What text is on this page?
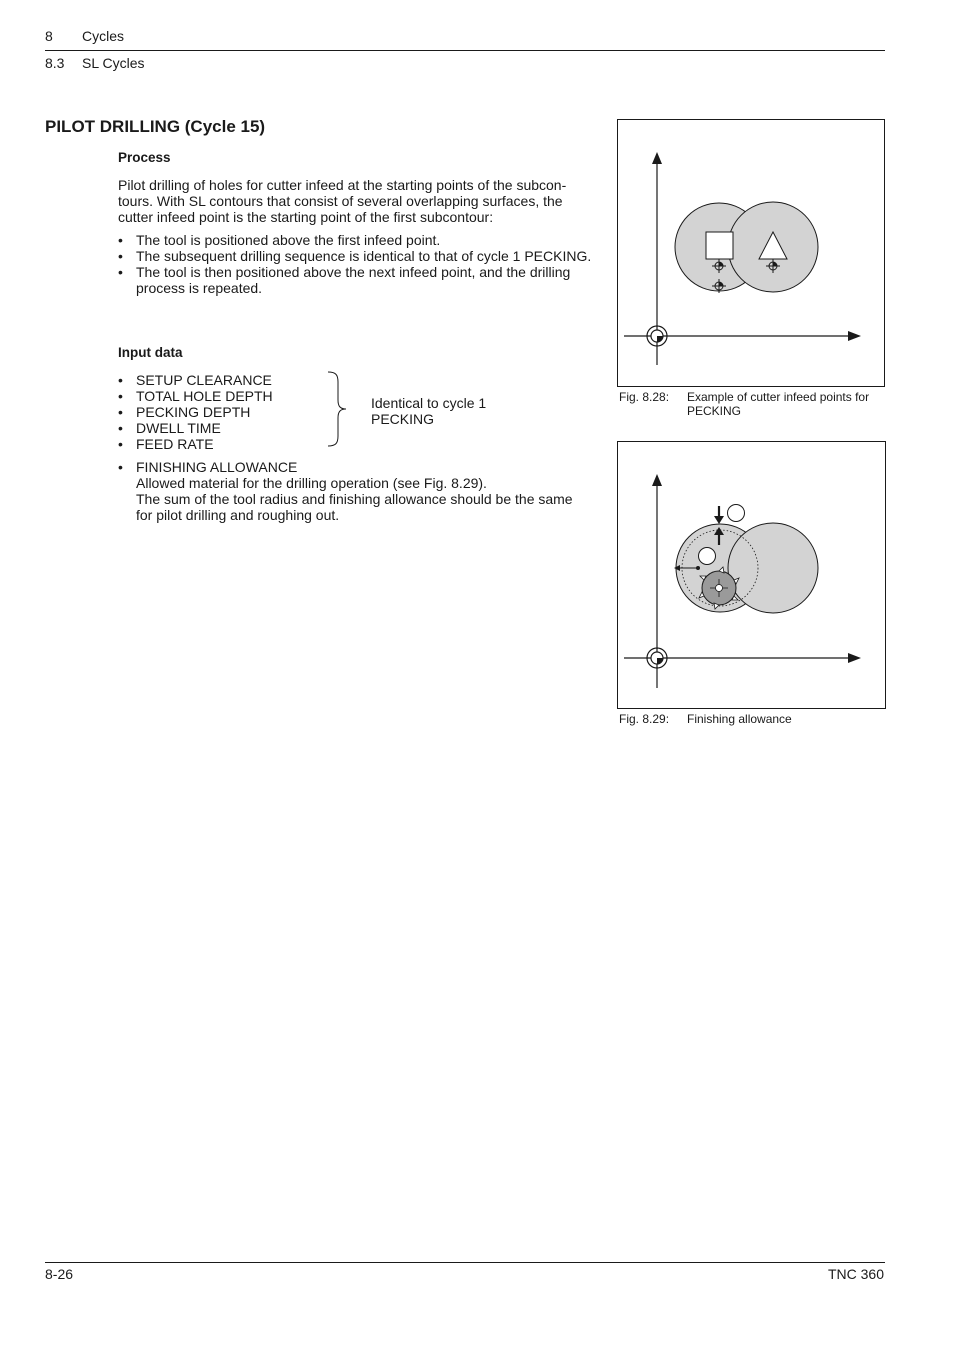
8 Cycles
8.3 SL Cycles
PILOT DRILLING (Cycle 15)
Process

Pilot drilling of holes for cutter infeed at the starting points of the subcon-tours. With SL contours that consist of several overlapping surfaces, the cutter infeed point is the starting point of the first subcontour:

• The tool is positioned above the first infeed point.
• The subsequent drilling sequence is identical to that of cycle 1 PECKING.
• The tool is then positioned above the next infeed point, and the drilling process is repeated.
Input data
• SETUP CLEARANCE
• TOTAL HOLE DEPTH
• PECKING DEPTH
• DWELL TIME
• FEED RATE
Identical to cycle 1
PECKING
• FINISHING ALLOWANCE
Allowed material for the drilling operation (see Fig. 8.29).
The sum of the tool radius and finishing allowance should be the same for pilot drilling and roughing out.
Fig. 8.28: Example of cutter infeed points for PECKING
Fig. 8.29: Finishing allowance
8-26	TNC 360
